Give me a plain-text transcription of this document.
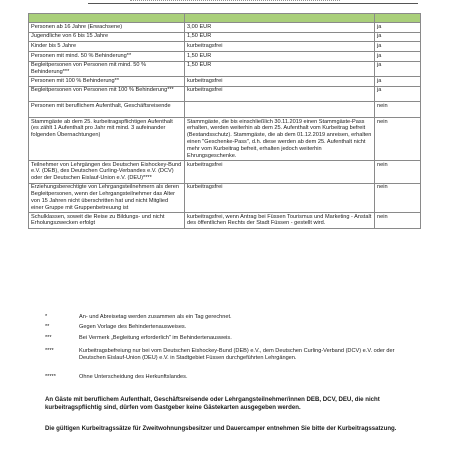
Personen ab 16 Jahre (Erwachsene)	3,00 EUR	ja
Jugendliche von 6 bis 15 Jahre	1,50 EUR	ja
Kinder bis 5 Jahre	kurbeitragsfrei	ja
Personen mit mind. 50 % Behinderung**	1,50 EUR	ja
Begleitpersonen von Personen mit mind. 50 % Behinderung***	1,50 EUR	ja
Personen mit 100 % Behinderung**	kurbeitragsfrei	ja
Begleitpersonen von Personen mit 100 % Behinderung***	kurbeitragsfrei	ja
Personen mit beruflichem Aufenthalt, Geschäftsreisende		nein
Stammgäste ab dem 25. kurbeitragspflichtigen Aufenthalt (es zählt 1 Aufenthalt pro Jahr mit mind. 3 aufeinander folgenden Übernachtungen)	Stammgäste, die bis einschließlich 30.11.2019 einen Stammgäste-Pass erhalten, werden weiterhin ab dem 25. Aufenthalt vom Kurbeitrag befreit (Bestandsschutz). Stammgäste, die ab dem 01.12.2019 anreisen, erhalten einen "Geschenke-Pass", d.h. diese werden ab dem 25. Aufenthalt nicht mehr vom Kurbeitrag befreit, erhalten jedoch weiterhin Ehrungsgeschenke.	nein
Teilnehmer von Lehrgängen des Deutschen Eishockey-Bund e.V. (DEB), des Deutschen Curling-Verbandes e.V. (DCV) oder der Deutschen Eislauf-Union e.V. (DEU)****	kurbeitragsfrei	nein
Erziehungsberechtigte von Lehrgangsteilnehmern als deren Begleitpersonen, wenn der Lehrgangsteilnehmer das Alter von 15 Jahren nicht überschritten hat und nicht Mitglied einer Gruppe mit Gruppenbetreuung ist	kurbeitragsfrei	nein
Schulklassen, soweit die Reise zu Bildungs- und nicht Erholungszwecken erfolgt	kurbeitragsfrei, wenn Antrag bei Füssen Tourismus und Marketing - Anstalt des öffentlichen Rechts der Stadt Füssen - gestellt wird.	nein
*	An- und Abreisetag werden zusammen als ein Tag gerechnet.
**	Gegen Vorlage des Behindertenausweises.
***	Bei Vermerk „Begleitung erforderlich" im Behindertenausweis.
****	Kurbeitragsbefreiung nur bei vom Deutschen Eishockey-Bund (DEB) e.V., dem Deutschen Curling-Verband (DCV) e.V. oder der Deutschen Eislauf-Union (DEU) e.V. in Stadtgebiet Füssen durchgeführten Lehrgängen.
*****	Ohne Unterscheidung des Herkunftslandes.
An Gäste mit beruflichem Aufenthalt, Geschäftsreisende oder Lehrgangsteilnehmer/innen DEB, DCV, DEU, die nicht kurbeitragspflichtig sind, dürfen vom Gastgeber keine Gästekarten ausgegeben werden.
Die gültigen Kurbeitragssätze für Zweitwohnungsbesitzer und Dauercamper entnehmen Sie bitte der Kurbeitragssatzung.
